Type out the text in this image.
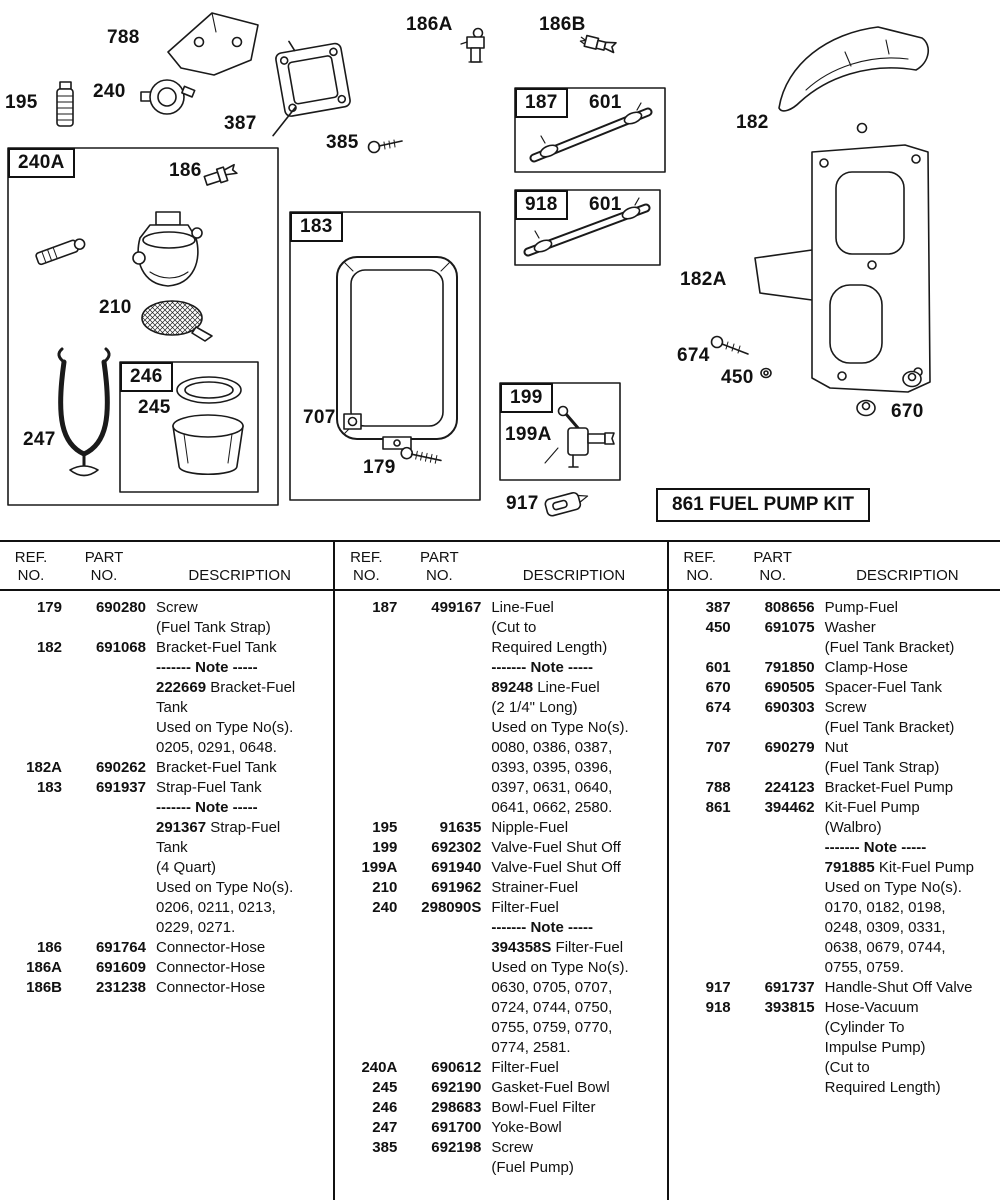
861 FUEL PUMP KIT
788
240
195
387
385
186A	186B
182
182A
674
450
670
186
210
247
245	707
179
199A
917
601
601
240A
183
187
918
199
246
REF.
NO.
PART
NO.	DESCRIPTION
179	690280 Screw
(Fuel Tank Strap)
182	691068 Bracket-Fuel Tank
------- Note -----
222669 Bracket-Fuel
Tank
Used on Type No(s).
0205, 0291, 0648.
182A	690262 Bracket-Fuel Tank
183	691937 Strap-Fuel Tank
------- Note -----
291367 Strap-Fuel
Tank
(4 Quart)
Used on Type No(s).
0206, 0211, 0213,
0229, 0271.
186	691764 Connector-Hose
186A	691609 Connector-Hose
186B	231238 Connector-Hose
REF.
NO.
PART
NO.	DESCRIPTION
187	499167 Line-Fuel
(Cut to
Required Length)
------- Note -----
89248 Line-Fuel
(2 1/4" Long)
Used on Type No(s).
0080, 0386, 0387,
0393, 0395, 0396,
0397, 0631, 0640,
0641, 0662, 2580.
195	91635 Nipple-Fuel
199	692302 Valve-Fuel Shut Off
199A	691940 Valve-Fuel Shut Off
210	691962 Strainer-Fuel
240	298090S Filter-Fuel
------- Note -----
394358S Filter-Fuel
Used on Type No(s).
0630, 0705, 0707,
0724, 0744, 0750,
0755, 0759, 0770,
0774, 2581.
240A	690612 Filter-Fuel
245	692190 Gasket-Fuel Bowl
246	298683 Bowl-Fuel Filter
247	691700 Yoke-Bowl
385	692198 Screw
(Fuel Pump)
REF.
NO.
PART
NO.	DESCRIPTION
387	808656 Pump-Fuel
450	691075 Washer
(Fuel Tank Bracket)
601	791850 Clamp-Hose
670	690505 Spacer-Fuel Tank
674	690303 Screw
(Fuel Tank Bracket)
707	690279 Nut
(Fuel Tank Strap)
788	224123 Bracket-Fuel Pump
861	394462 Kit-Fuel Pump
(Walbro)
------- Note -----
791885 Kit-Fuel Pump
Used on Type No(s).
0170, 0182, 0198,
0248, 0309, 0331,
0638, 0679, 0744,
0755, 0759.
917	691737 Handle-Shut Off Valve
918	393815 Hose-Vacuum
(Cylinder To
Impulse Pump)
(Cut to
Required Length)
